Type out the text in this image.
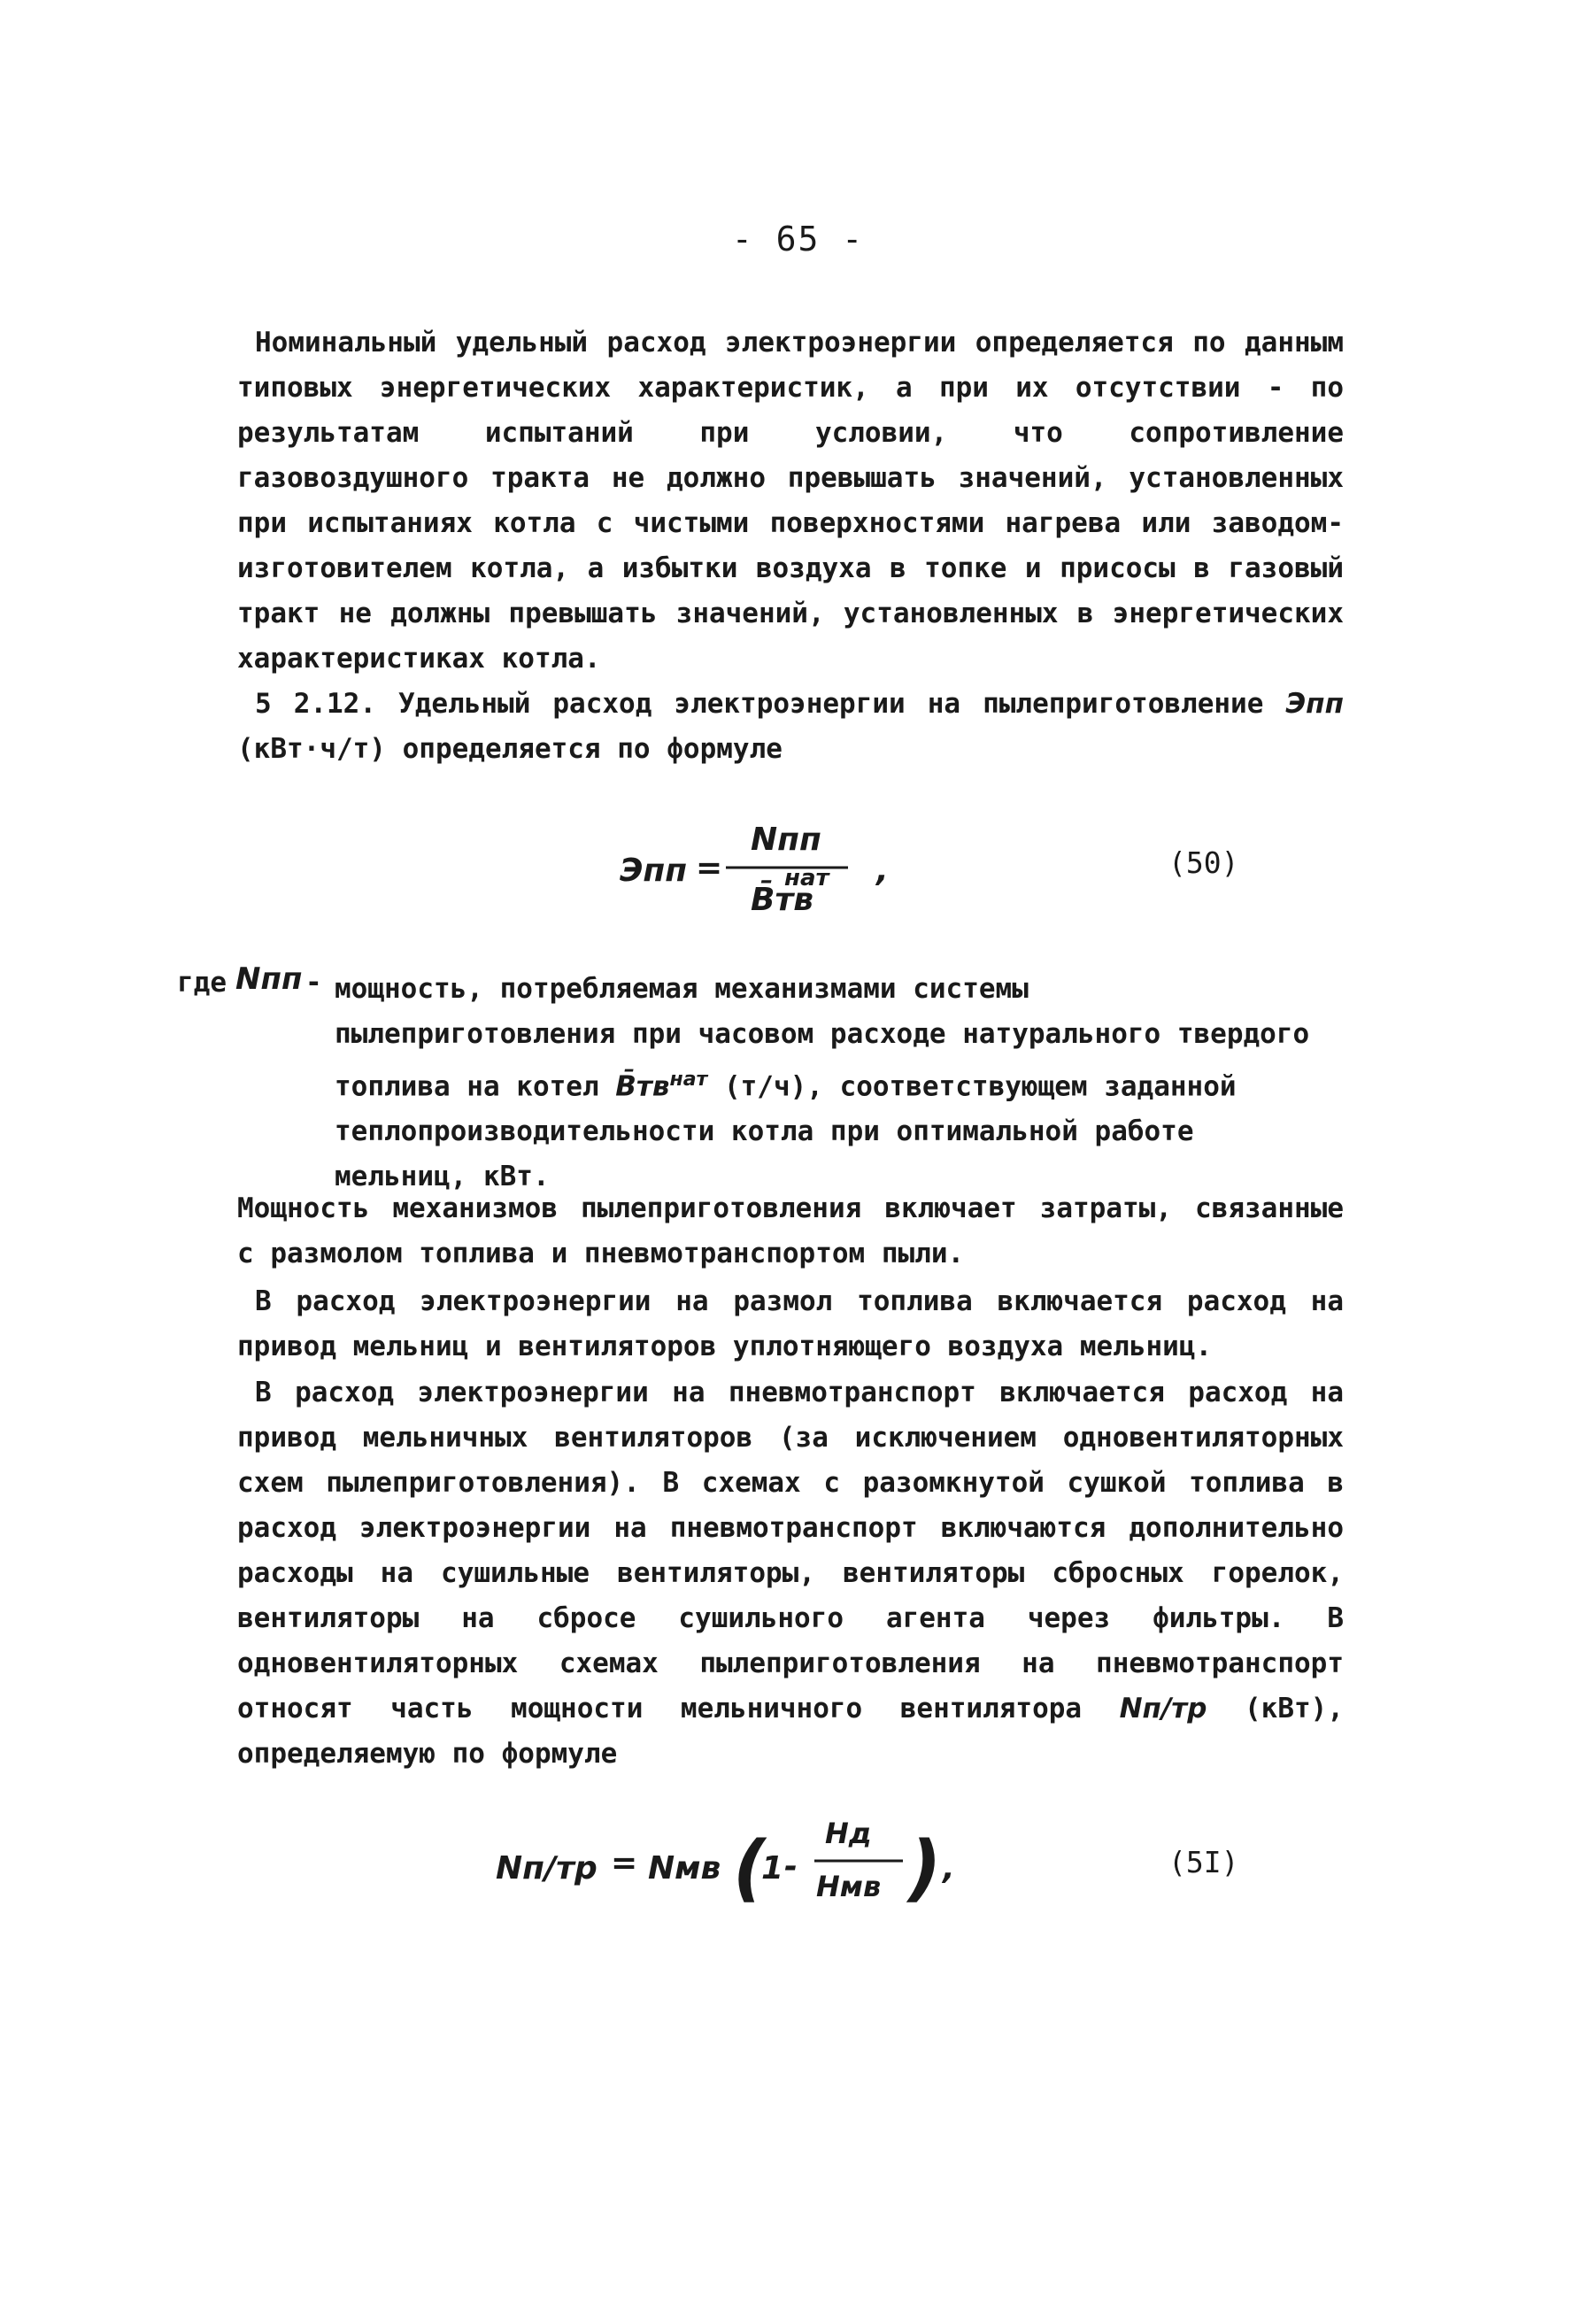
- 65 -
Номинальный удельный расход электроэнергии определяется по данным типовых энергетических характеристик, а при их отсутствии - по результатам испытаний при условии, что сопротивление газовоздушного тракта не должно превышать значений, установленных при испытаниях котла с чистыми поверхностями нагрева или заводом-изготовителем котла, а избытки воздуха в топке и присосы в газовый тракт не должны превышать значений, установленных в энергетических характеристиках котла.
5 2.12. Удельный расход электроэнергии на пылеприготовление Эпп (кВт·ч/т) определяется по формуле
Эпп =
Nпп
B̄тв
нат ,	(50)
где Nпп - мощность, потребляемая механизмами системы пылеприготовления при часовом расходе натурального твердого топлива на котел $B̄тв^{нат}$ (т/ч), соответствующем заданной теплопроизводительности котла при оптимальной работе мельниц, кВт.
Мощность механизмов пылеприготовления включает затраты, связанные с размолом топлива и пневмотранспортом пыли.
В расход электроэнергии на размол топлива включается расход на привод мельниц и вентиляторов уплотняющего воздуха мельниц.
В расход электроэнергии на пневмотранспорт включается расход на привод мельничных вентиляторов (за исключением одновентиляторных схем пылеприготовления). В схемах с разомкнутой сушкой топлива в расход электроэнергии на пневмотранспорт включаются дополнительно расходы на сушильные вентиляторы, вентиляторы сбросных горелок, вентиляторы на сбросе сушильного агента через фильтры. В одновентиляторных схемах пылеприготовления на пневмотранспорт относят часть мощности мельничного вентилятора Nп/тр (кВт), определяемую по формуле
Nп/тр = Nмв (
1 -
Hд
Hмв ) ,	(5I)
